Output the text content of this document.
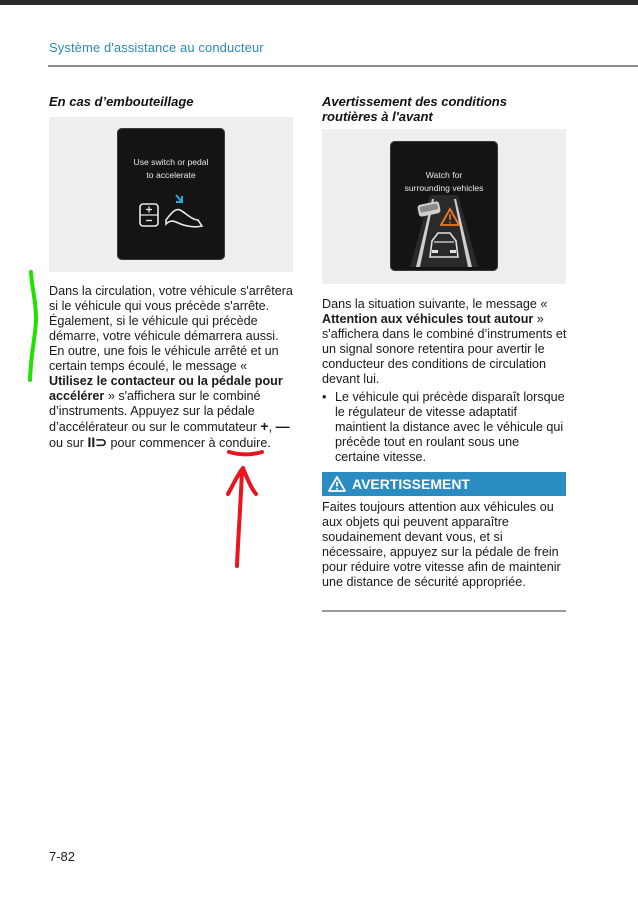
Système d'assistance au conducteur
En cas d’embouteillage
Use switch or pedal
to accelerate

Dans la circulation, votre véhicule s'arrêtera si le véhicule qui vous précède s'arrête. Également, si le véhicule qui précède démarre, votre véhicule démarrera aussi. En outre, une fois le véhicule arrêté et un certain temps écoulé, le message « Utilisez le contacteur ou la pédale pour accélérer » s'affichera sur le combiné d’instruments. Appuyez sur la pédale d’accélérateur ou sur le commutateur +, — ou sur II⊃ pour commencer à conduire.

Avertissement des conditions routières à l'avant
Watch for
surrounding vehicles

Dans la situation suivante, le message « Attention aux véhicules tout autour » s'affichera dans le combiné d’instruments et un signal sonore retentira pour avertir le conducteur des conditions de circulation devant lui.

• Le véhicule qui précède disparaît lorsque le régulateur de vitesse adaptatif maintient la distance avec le véhicule qui précède tout en roulant sous une certaine vitesse.
AVERTISSEMENT
Faites toujours attention aux véhicules ou aux objets qui peuvent apparaître soudainement devant vous, et si nécessaire, appuyez sur la pédale de frein pour réduire votre vitesse afin de maintenir une distance de sécurité appropriée.
7-82
